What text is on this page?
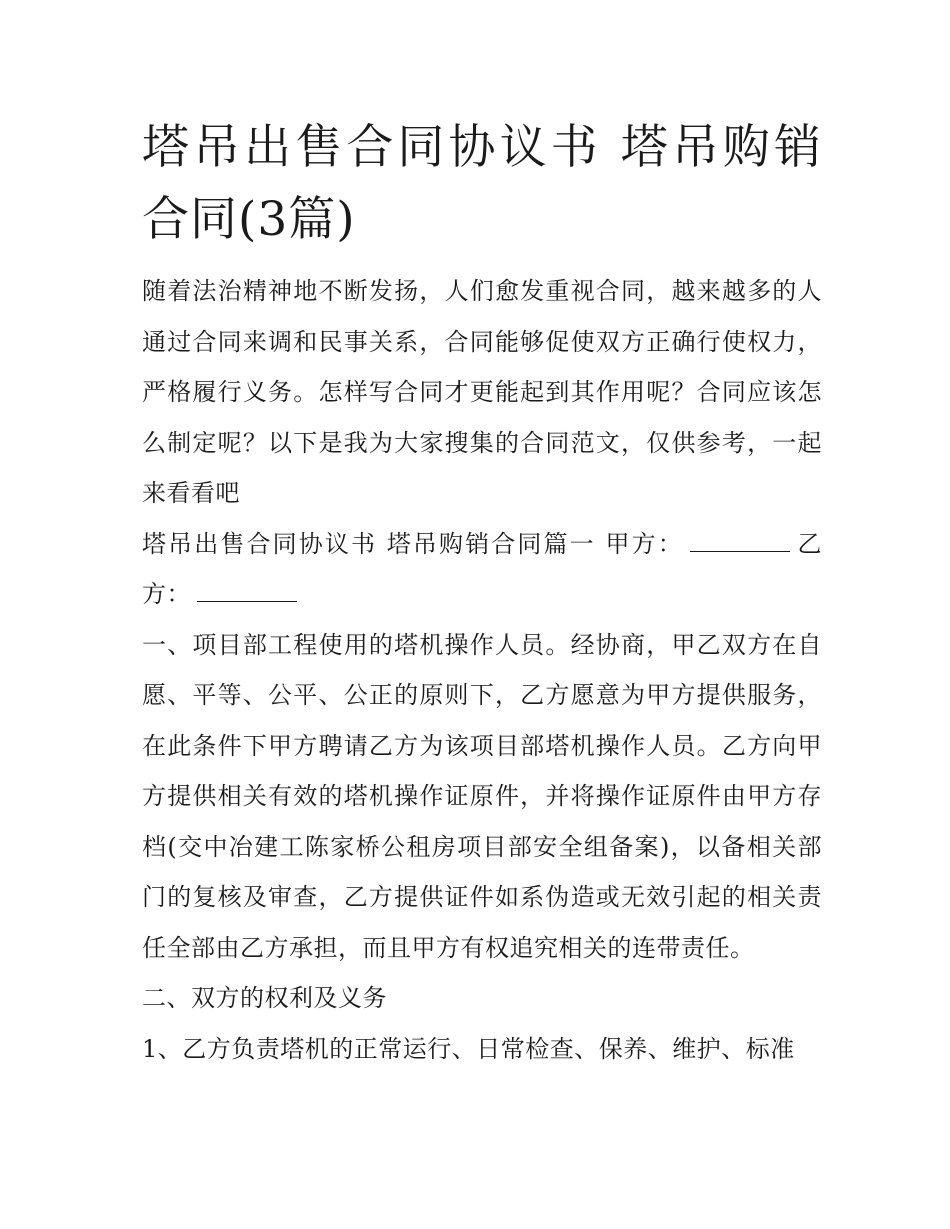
塔吊出售合同协议书 塔吊购销合同(3篇)

随着法治精神地不断发扬，人们愈发重视合同，越来越多的人通过合同来调和民事关系，合同能够促使双方正确行使权力，严格履行义务。怎样写合同才更能起到其作用呢？合同应该怎么制定呢？以下是我为大家搜集的合同范文，仅供参考，一起来看看吧

塔吊出售合同协议书 塔吊购销合同篇一 甲方：	乙方：

一、项目部工程使用的塔机操作人员。经协商，甲乙双方在自愿、平等、公平、公正的原则下，乙方愿意为甲方提供服务，在此条件下甲方聘请乙方为该项目部塔机操作人员。乙方向甲方提供相关有效的塔机操作证原件，并将操作证原件由甲方存档(交中冶建工陈家桥公租房项目部安全组备案)，以备相关部门的复核及审查，乙方提供证件如系伪造或无效引起的相关责任全部由乙方承担，而且甲方有权追究相关的连带责任。

二、双方的权利及义务

1、乙方负责塔机的正常运行、日常检查、保养、维护、标准
